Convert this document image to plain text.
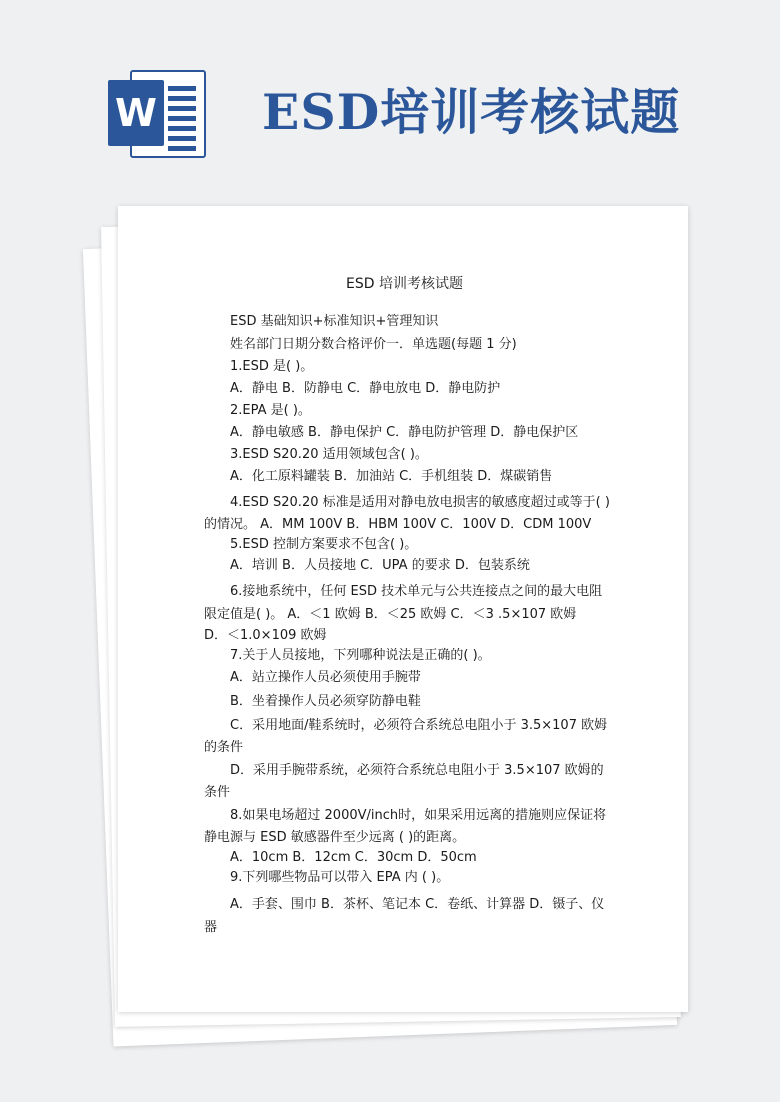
W ESD培训考核试题
ESD 培训考核试题
ESD 基础知识+标准知识+管理知识
姓名部门日期分数合格评价一．单选题(每题 1 分)
1.ESD 是( )。
A．静电 B．防静电 C．静电放电 D．静电防护
2.EPA 是( )。
A．静电敏感 B．静电保护 C．静电防护管理 D．静电保护区
3.ESD S20.20 适用领域包含( )。
A．化工原料罐装 B．加油站 C．手机组装 D．煤碳销售
4.ESD S20.20 标准是适用对静电放电损害的敏感度超过或等于( )
的情况。 A．MM 100V B．HBM 100V C．100V D．CDM 100V
5.ESD 控制方案要求不包含( )。
A．培训 B．人员接地 C．UPA 的要求 D．包装系统
6.接地系统中，任何 ESD 技术单元与公共连接点之间的最大电阻
限定值是( )。 A．＜1 欧姆 B．＜25 欧姆 C．＜3 .5×107 欧姆
D．＜1.0×109 欧姆
7.关于人员接地，下列哪种说法是正确的( )。
A．站立操作人员必须使用手腕带
B．坐着操作人员必须穿防静电鞋
C．采用地面/鞋系统时，必须符合系统总电阻小于 3.5×107 欧姆
的条件
D．采用手腕带系统，必须符合系统总电阻小于 3.5×107 欧姆的
条件
8.如果电场超过 2000V/inch时，如果采用远离的措施则应保证将
静电源与 ESD 敏感器件至少远离 ( )的距离。
A．10cm B．12cm C．30cm D．50cm
9.下列哪些物品可以带入 EPA 内 ( )。
A．手套、围巾 B．茶杯、笔记本 C．卷纸、计算器 D．镊子、仪
器
